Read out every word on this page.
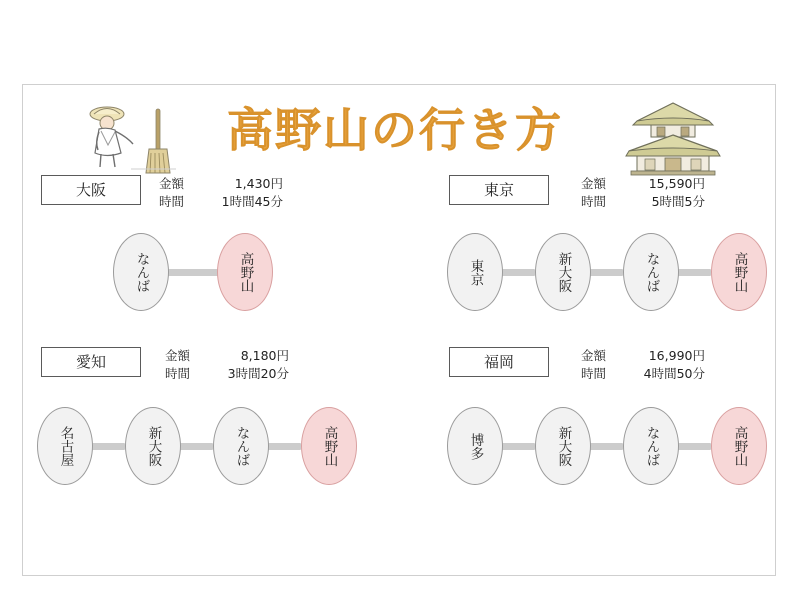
高野山の行き方
大阪	金額	1,430円
時間	1時間45分
なんば	高野山
東京	金額	15,590円
時間	5時間5分
東京	新大阪	なんば	高野山
愛知	金額	8,180円
時間	3時間20分
名古屋	新大阪	なんば	高野山
福岡	金額	16,990円
時間	4時間50分
博多	新大阪	なんば	高野山
